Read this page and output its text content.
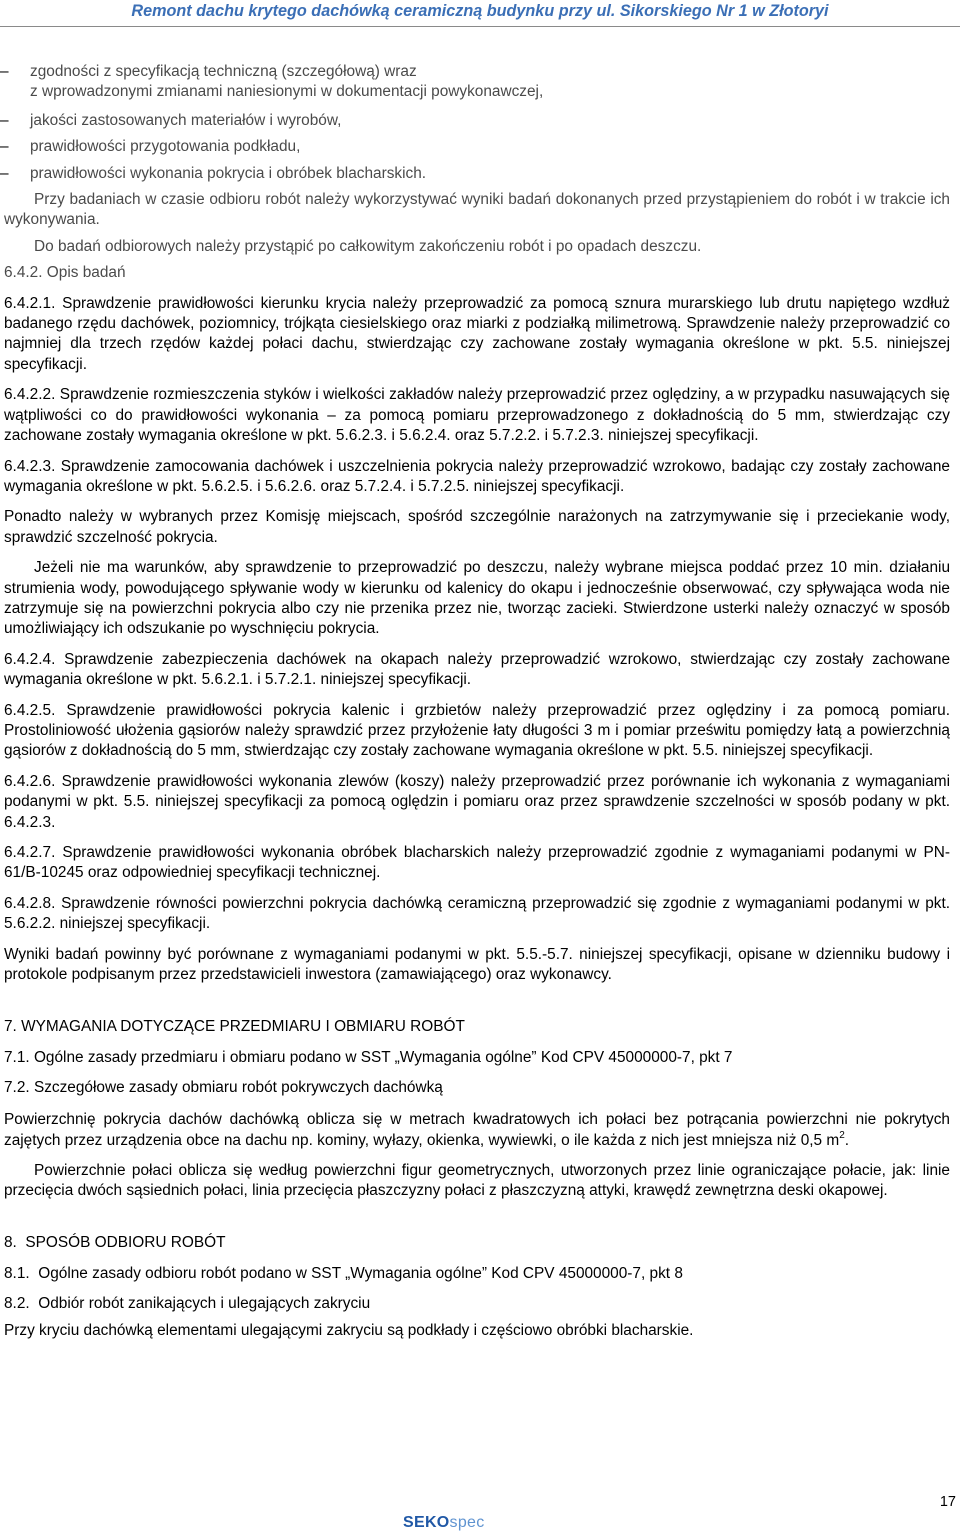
Remont dachu krytego dachówką ceramiczną budynku przy ul. Sikorskiego Nr 1 w Złotoryi

– zgodności z specyfikacją techniczną (szczegółową) wraz

z wprowadzonymi zmianami naniesionymi w dokumentacji powykonawczej,

– jakości zastosowanych materiałów i wyrobów,

– prawidłowości przygotowania podkładu,

– prawidłowości wykonania pokrycia i obróbek blacharskich.

Przy badaniach w czasie odbioru robót należy wykorzystywać wyniki badań dokonanych przed przystąpieniem do robót i w trakcie ich wykonywania.

Do badań odbiorowych należy przystąpić po całkowitym zakończeniu robót i po opadach deszczu.

6.4.2. Opis badań

6.4.2.1. Sprawdzenie prawidłowości kierunku krycia należy przeprowadzić za pomocą sznura murarskiego lub drutu napiętego wzdłuż badanego rzędu dachówek, poziomnicy, trójkąta ciesielskiego oraz miarki z podziałką milimetrową. Sprawdzenie należy przeprowadzić co najmniej dla trzech rzędów każdej połaci dachu, stwierdzając czy zachowane zostały wymagania określone w pkt. 5.5. niniejszej specyfikacji.

6.4.2.2. Sprawdzenie rozmieszczenia styków i wielkości zakładów należy przeprowadzić przez oględziny, a w przypadku nasuwających się wątpliwości co do prawidłowości wykonania – za pomocą pomiaru przeprowadzonego z dokładnością do 5 mm, stwierdzając czy zachowane zostały wymagania określone w pkt. 5.6.2.3. i 5.6.2.4. oraz 5.7.2.2. i 5.7.2.3. niniejszej specyfikacji.

6.4.2.3. Sprawdzenie zamocowania dachówek i uszczelnienia pokrycia należy przeprowadzić wzrokowo, badając czy zostały zachowane wymagania określone w pkt. 5.6.2.5. i 5.6.2.6. oraz 5.7.2.4. i 5.7.2.5. niniejszej specyfikacji.

Ponadto należy w wybranych przez Komisję miejscach, spośród szczególnie narażonych na zatrzymywanie się i przeciekanie wody, sprawdzić szczelność pokrycia.

Jeżeli nie ma warunków, aby sprawdzenie to przeprowadzić po deszczu, należy wybrane miejsca poddać przez 10 min. działaniu strumienia wody, powodującego spływanie wody w kierunku od kalenicy do okapu i jednocześnie obserwować, czy spływająca woda nie zatrzymuje się na powierzchni pokrycia albo czy nie przenika przez nie, tworząc zacieki. Stwierdzone usterki należy oznaczyć w sposób umożliwiający ich odszukanie po wyschnięciu pokrycia.

6.4.2.4. Sprawdzenie zabezpieczenia dachówek na okapach należy przeprowadzić wzrokowo, stwierdzając czy zostały zachowane wymagania określone w pkt. 5.6.2.1. i 5.7.2.1. niniejszej specyfikacji.

6.4.2.5. Sprawdzenie prawidłowości pokrycia kalenic i grzbietów należy przeprowadzić przez oględziny i za pomocą pomiaru. Prostoliniowość ułożenia gąsiorów należy sprawdzić przez przyłożenie łaty długości 3 m i pomiar prześwitu pomiędzy łatą a powierzchnią gąsiorów z dokładnością do 5 mm, stwierdzając czy zostały zachowane wymagania określone w pkt. 5.5. niniejszej specyfikacji.

6.4.2.6. Sprawdzenie prawidłowości wykonania zlewów (koszy) należy przeprowadzić przez porównanie ich wykonania z wymaganiami podanymi w pkt. 5.5. niniejszej specyfikacji za pomocą oględzin i pomiaru oraz przez sprawdzenie szczelności w sposób podany w pkt. 6.4.2.3.

6.4.2.7. Sprawdzenie prawidłowości wykonania obróbek blacharskich należy przeprowadzić zgodnie z wymaganiami podanymi w PN-61/B-10245 oraz odpowiedniej specyfikacji technicznej.

6.4.2.8. Sprawdzenie równości powierzchni pokrycia dachówką ceramiczną przeprowadzić się zgodnie z wymaganiami podanymi w pkt. 5.6.2.2. niniejszej specyfikacji.

Wyniki badań powinny być porównane z wymaganiami podanymi w pkt. 5.5.-5.7. niniejszej specyfikacji, opisane w dzienniku budowy i protokole podpisanym przez przedstawicieli inwestora (zamawiającego) oraz wykonawcy.

7. WYMAGANIA DOTYCZĄCE PRZEDMIARU I OBMIARU ROBÓT

7.1. Ogólne zasady przedmiaru i obmiaru podano w SST „Wymagania ogólne” Kod CPV 45000000-7, pkt 7

7.2. Szczegółowe zasady obmiaru robót pokrywczych dachówką

Powierzchnię pokrycia dachów dachówką oblicza się w metrach kwadratowych ich połaci bez potrącania powierzchni nie pokrytych zajętych przez urządzenia obce na dachu np. kominy, wyłazy, okienka, wywiewki, o ile każda z nich jest mniejsza niż 0,5 $m^2$.

Powierzchnie połaci oblicza się według powierzchni figur geometrycznych, utworzonych przez linie ograniczające połacie, jak: linie przecięcia dwóch sąsiednich połaci, linia przecięcia płaszczyzny połaci z płaszczyzną attyki, krawędź zewnętrzna deski okapowej.

8.  SPOSÓB ODBIORU ROBÓT

8.1.  Ogólne zasady odbioru robót podano w SST „Wymagania ogólne” Kod CPV 45000000-7, pkt 8

8.2.  Odbiór robót zanikających i ulegających zakryciu

Przy kryciu dachówką elementami ulegającymi zakryciu są podkłady i częściowo obróbki blacharskie.

17
SEKOspec
